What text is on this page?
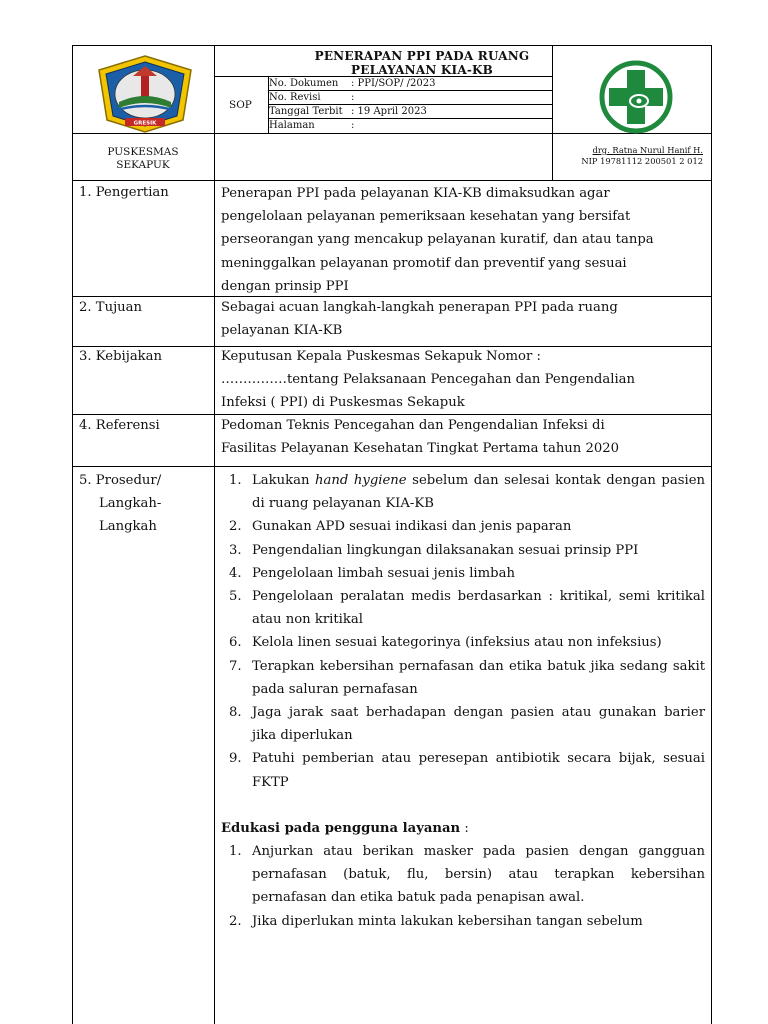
GRESIK
PENERAPAN PPI PADA RUANG
PELAYANAN KIA-KB
SOP
No. Dokumen : PPI/SOP/ /2023
No. Revisi	:
Tanggal Terbit : 19 April 2023
Halaman	:
PUSKESMAS
SEKAPUK
drg. Ratna Nurul Hanif H.
NIP 19781112 200501 2 012
1. Pengertian	Penerapan PPI pada pelayanan KIA-KB dimaksudkan agar
pengelolaan pelayanan pemeriksaan kesehatan yang bersifat
perseorangan yang mencakup pelayanan kuratif, dan atau tanpa
meninggalkan pelayanan promotif dan preventif yang sesuai
dengan prinsip PPI
2. Tujuan	Sebagai acuan langkah-langkah penerapan PPI pada ruang
pelayanan KIA-KB
3. Kebijakan	Keputusan Kepala Puskesmas Sekapuk Nomor :
……………tentang Pelaksanaan Pencegahan dan Pengendalian
Infeksi ( PPI) di Puskesmas Sekapuk
4. Referensi	Pedoman Teknis Pencegahan dan Pengendalian Infeksi di
Fasilitas Pelayanan Kesehatan Tingkat Pertama tahun 2020
5. Prosedur/
Langkah-
Langkah
1. Lakukan hand hygiene sebelum dan selesai kontak dengan pasien di ruang pelayanan KIA-KB
2. Gunakan APD sesuai indikasi dan jenis paparan
3. Pengendalian lingkungan dilaksanakan sesuai prinsip PPI
4. Pengelolaan limbah sesuai jenis limbah
5. Pengelolaan peralatan medis berdasarkan : kritikal, semi kritikal atau non kritikal
6. Kelola linen sesuai kategorinya (infeksius atau non infeksius)
7. Terapkan kebersihan pernafasan dan etika batuk jika sedang sakit pada saluran pernafasan
8. Jaga jarak saat berhadapan dengan pasien atau gunakan barier jika diperlukan
9. Patuhi pemberian atau peresepan antibiotik secara bijak, sesuai FKTP
Edukasi pada pengguna layanan :
1. Anjurkan atau berikan masker pada pasien dengan gangguan pernafasan (batuk, flu, bersin) atau terapkan kebersihan pernafasan dan etika batuk pada penapisan awal.
2. Jika diperlukan minta lakukan kebersihan tangan sebelum
